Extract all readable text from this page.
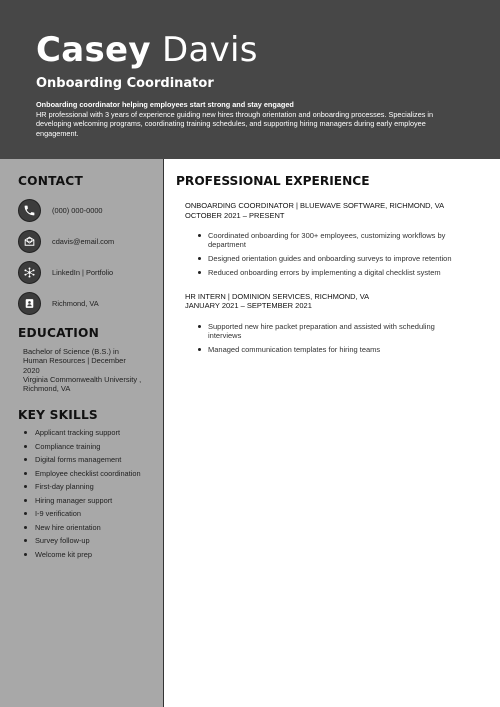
Casey Davis
Onboarding Coordinator
Onboarding coordinator helping employees start strong and stay engaged
HR professional with 3 years of experience guiding new hires through orientation and onboarding processes. Specializes in developing welcoming programs, coordinating training schedules, and supporting hiring managers during early employee engagement.
CONTACT
(000) 000-0000
cdavis@email.com
LinkedIn | Portfolio
Richmond, VA
EDUCATION
Bachelor of Science (B.S.) in Human Resources | December 2020
Virginia Commonwealth University , Richmond, VA
KEY SKILLS
Applicant tracking support
Compliance training
Digital forms management
Employee checklist coordination
First-day planning
Hiring manager support
I-9 verification
New hire orientation
Survey follow-up
Welcome kit prep
PROFESSIONAL EXPERIENCE
ONBOARDING COORDINATOR | BLUEWAVE SOFTWARE, RICHMOND, VA
OCTOBER 2021 – PRESENT
Coordinated onboarding for 300+ employees, customizing workflows by department
Designed orientation guides and onboarding surveys to improve retention
Reduced onboarding errors by implementing a digital checklist system
HR INTERN | DOMINION SERVICES, RICHMOND, VA
JANUARY 2021 – SEPTEMBER 2021
Supported new hire packet preparation and assisted with scheduling interviews
Managed communication templates for hiring teams
